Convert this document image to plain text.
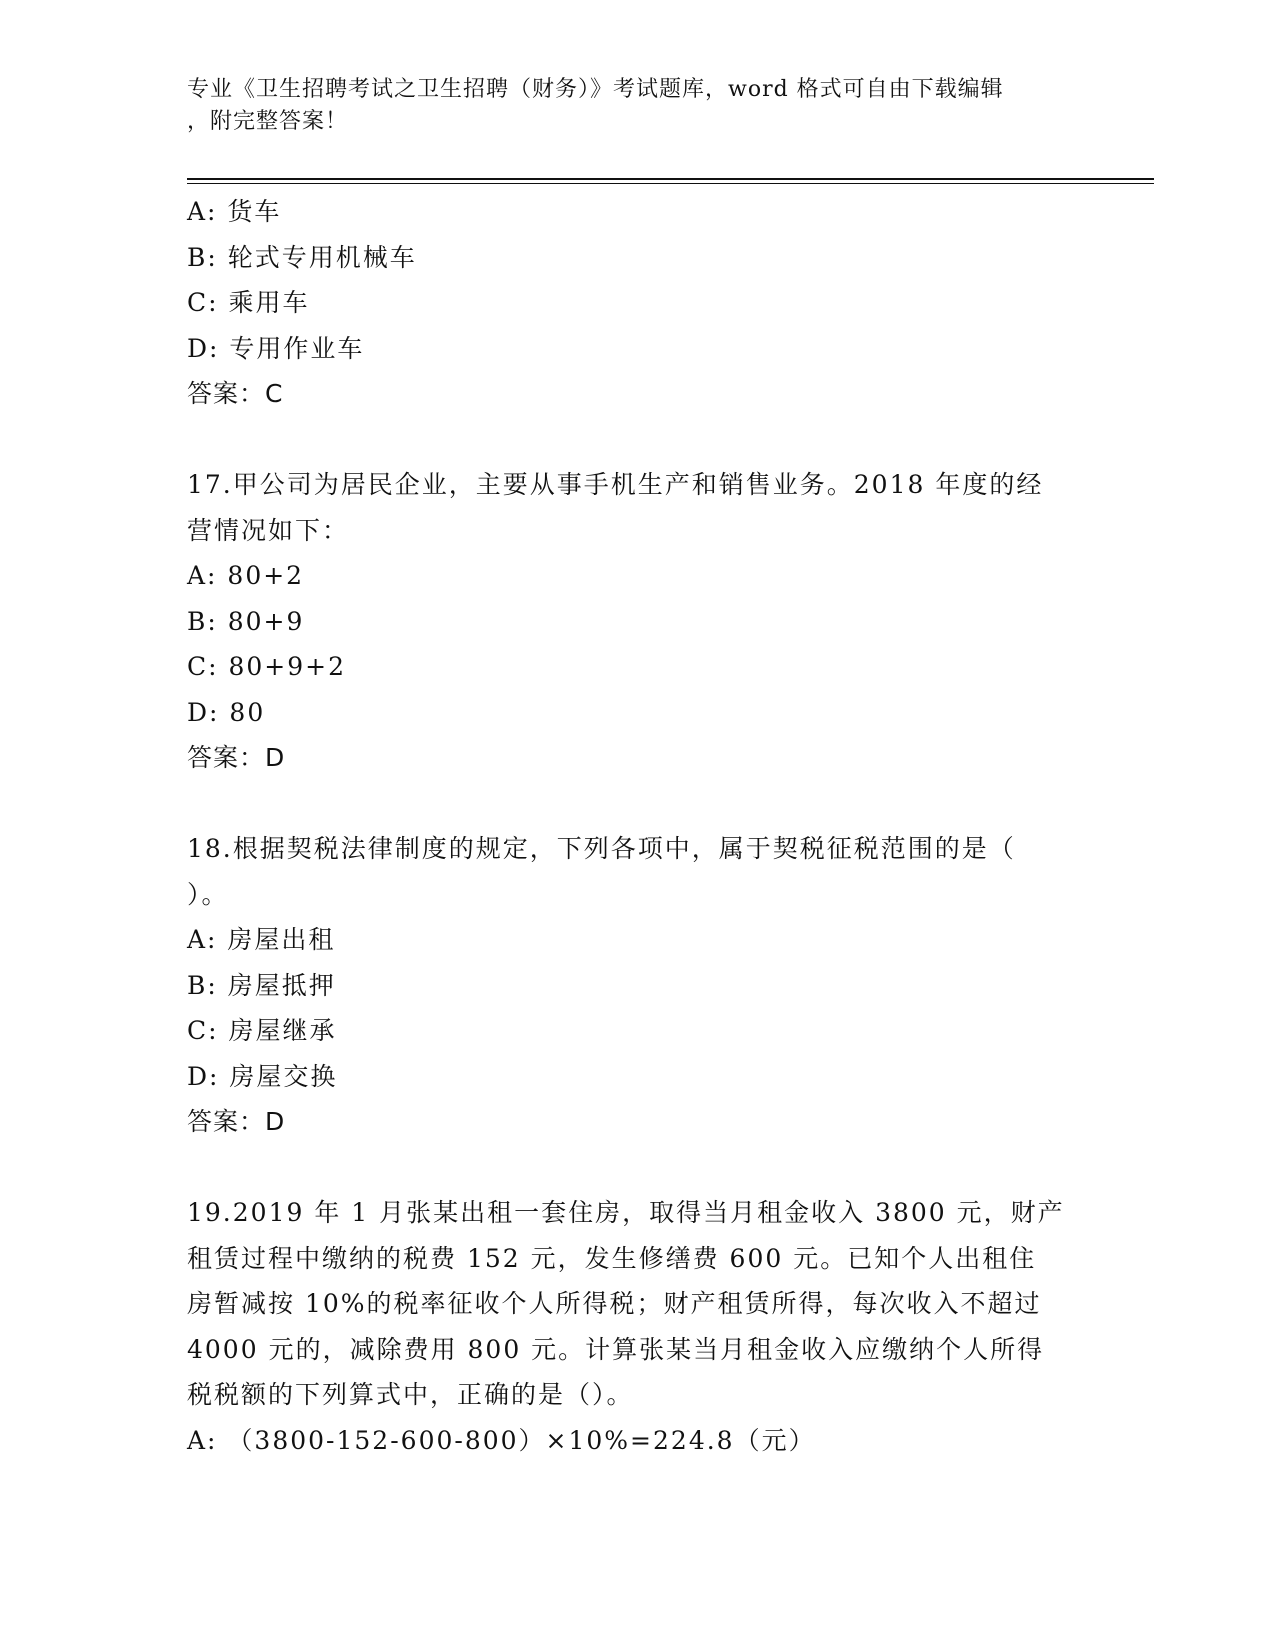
专业《卫生招聘考试之卫生招聘（财务）》考试题库，word 格式可自由下载编辑
，附完整答案！
A: 货车
B: 轮式专用机械车
C: 乘用车
D: 专用作业车
答案：C
17.甲公司为居民企业，主要从事手机生产和销售业务。2018 年度的经
营情况如下：
A: 80+2
B: 80+9
C: 80+9+2
D: 80
答案：D
18.根据契税法律制度的规定，下列各项中，属于契税征税范围的是（
）。
A: 房屋出租
B: 房屋抵押
C: 房屋继承
D: 房屋交换
答案：D
19.2019 年 1 月张某出租一套住房，取得当月租金收入 3800 元，财产
租赁过程中缴纳的税费 152 元，发生修缮费 600 元。已知个人出租住
房暂减按 10%的税率征收个人所得税；财产租赁所得，每次收入不超过
4000 元的，减除费用 800 元。计算张某当月租金收入应缴纳个人所得
税税额的下列算式中，正确的是（）。
A: （3800-152-600-800）×10%=224.8（元）
